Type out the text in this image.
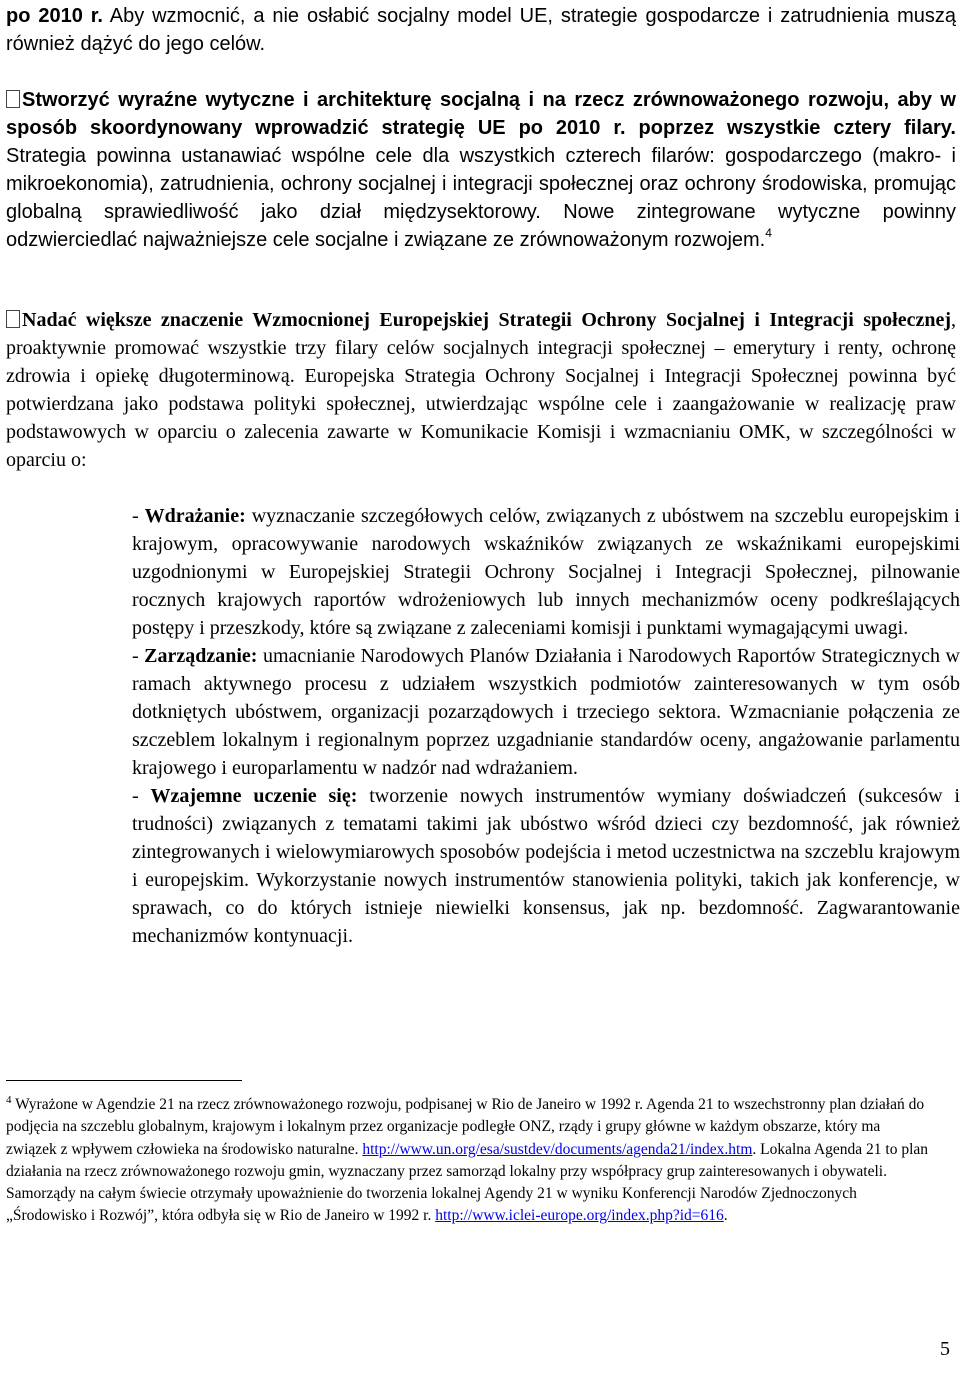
po 2010 r. Aby wzmocnić, a nie osłabić socjalny model UE, strategie gospodarcze i zatrudnienia muszą również dążyć do jego celów.

Stworzyć wyraźne wytyczne i architekturę socjalną i na rzecz zrównoważonego rozwoju, aby w sposób skoordynowany wprowadzić strategię UE po 2010 r. poprzez wszystkie cztery filary. Strategia powinna ustanawiać wspólne cele dla wszystkich czterech filarów: gospodarczego (makro- i mikroekonomia), zatrudnienia, ochrony socjalnej i integracji społecznej oraz ochrony środowiska, promując globalną sprawiedliwość jako dział międzysektorowy. Nowe zintegrowane wytyczne powinny odzwierciedlać najważniejsze cele socjalne i związane ze zrównoważonym rozwojem.$^4$

Nadać większe znaczenie Wzmocnionej Europejskiej Strategii Ochrony Socjalnej i Integracji społecznej, proaktywnie promować wszystkie trzy filary celów socjalnych integracji społecznej – emerytury i renty, ochronę zdrowia i opiekę długoterminową. Europejska Strategia Ochrony Socjalnej i Integracji Społecznej powinna być potwierdzana jako podstawa polityki społecznej, utwierdzając wspólne cele i zaangażowanie w realizację praw podstawowych w oparciu o zalecenia zawarte w Komunikacie Komisji i wzmacnianiu OMK, w szczególności w oparciu o:

- Wdrażanie: wyznaczanie szczegółowych celów, związanych z ubóstwem na szczeblu europejskim i krajowym, opracowywanie narodowych wskaźników związanych ze wskaźnikami europejskimi uzgodnionymi w Europejskiej Strategii Ochrony Socjalnej i Integracji Społecznej, pilnowanie rocznych krajowych raportów wdrożeniowych lub innych mechanizmów oceny podkreślających postępy i przeszkody, które są związane z zaleceniami komisji i punktami wymagającymi uwagi.

- Zarządzanie: umacnianie Narodowych Planów Działania i Narodowych Raportów Strategicznych w ramach aktywnego procesu z udziałem wszystkich podmiotów zainteresowanych w tym osób dotkniętych ubóstwem, organizacji pozarządowych i trzeciego sektora. Wzmacnianie połączenia ze szczeblem lokalnym i regionalnym poprzez uzgadnianie standardów oceny, angażowanie parlamentu krajowego i europarlamentu w nadzór nad wdrażaniem.

- Wzajemne uczenie się: tworzenie nowych instrumentów wymiany doświadczeń (sukcesów i trudności) związanych z tematami takimi jak ubóstwo wśród dzieci czy bezdomność, jak również zintegrowanych i wielowymiarowych sposobów podejścia i metod uczestnictwa na szczeblu krajowym i europejskim. Wykorzystanie nowych instrumentów stanowienia polityki, takich jak konferencje, w sprawach, co do których istnieje niewielki konsensus, jak np. bezdomność. Zagwarantowanie mechanizmów kontynuacji.

$^4$ Wyrażone w Agendzie 21 na rzecz zrównoważonego rozwoju, podpisanej w Rio de Janeiro w 1992 r. Agenda 21 to wszechstronny plan działań do podjęcia na szczeblu globalnym, krajowym i lokalnym przez organizacje podległe ONZ, rządy i grupy główne w każdym obszarze, który ma związek z wpływem człowieka na środowisko naturalne. http://www.un.org/esa/sustdev/documents/agenda21/index.htm. Lokalna Agenda 21 to plan działania na rzecz zrównoważonego rozwoju gmin, wyznaczany przez samorząd lokalny przy współpracy grup zainteresowanych i obywateli. Samorządy na całym świecie otrzymały upoważnienie do tworzenia lokalnej Agendy 21 w wyniku Konferencji Narodów Zjednoczonych „Środowisko i Rozwój”, która odbyła się w Rio de Janeiro w 1992 r. http://www.iclei-europe.org/index.php?id=616.
5
